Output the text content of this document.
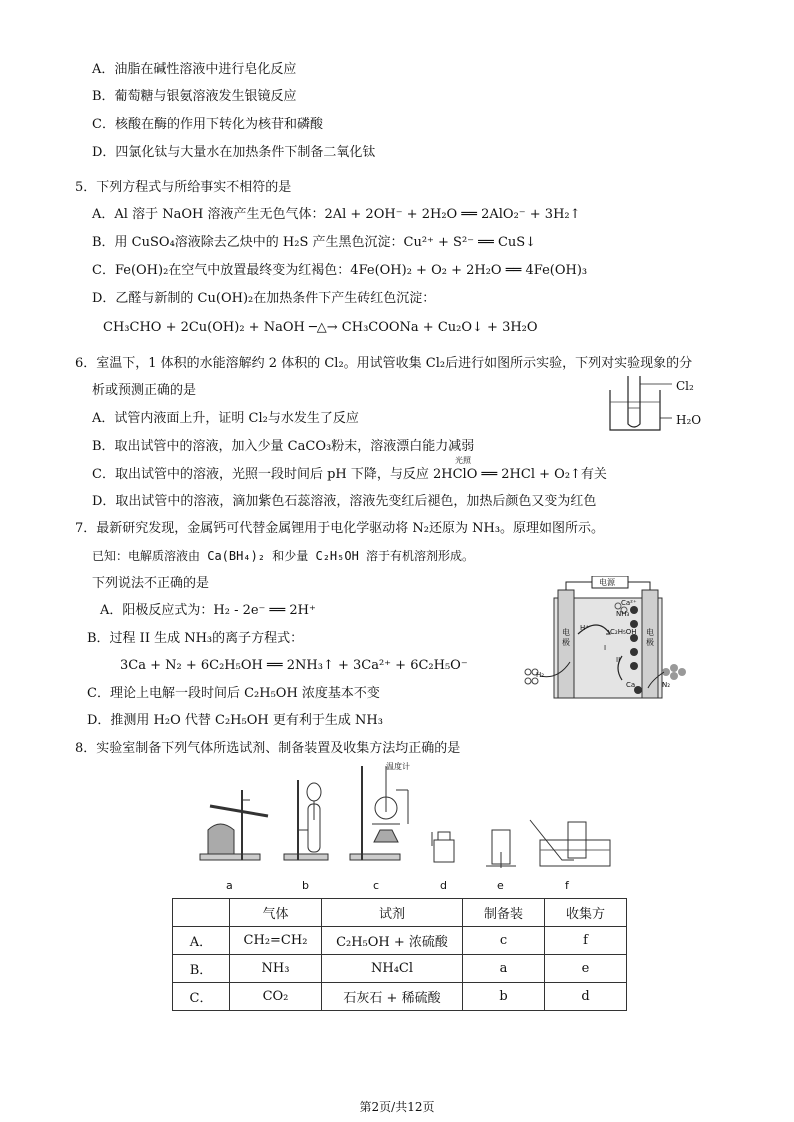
A．油脂在碱性溶液中进行皂化反应
B．葡萄糖与银氨溶液发生银镜反应
C．核酸在酶的作用下转化为核苷和磷酸
D．四氯化钛与大量水在加热条件下制备二氧化钛
5．下列方程式与所给事实不相符的是
A．Al 溶于 NaOH 溶液产生无色气体：2Al + 2OH⁻ + 2H₂O ══ 2AlO₂⁻ + 3H₂↑
B．用 CuSO₄溶液除去乙炔中的 H₂S 产生黑色沉淀：Cu²⁺ + S²⁻ ══ CuS↓
C．Fe(OH)₂在空气中放置最终变为红褐色：4Fe(OH)₂ + O₂ + 2H₂O ══ 4Fe(OH)₃
D．乙醛与新制的 Cu(OH)₂在加热条件下产生砖红色沉淀：
CH₃CHO + 2Cu(OH)₂ + NaOH ─△→ CH₃COONa + Cu₂O↓ + 3H₂O
6．室温下，1 体积的水能溶解约 2 体积的 Cl₂。用试管收集 Cl₂后进行如图所示实验，下列对实验现象的分
析或预测正确的是
A．试管内液面上升，证明 Cl₂与水发生了反应
B．取出试管中的溶液，加入少量 CaCO₃粉末，溶液漂白能力减弱
光照
C．取出试管中的溶液，光照一段时间后 pH 下降，与反应 2HClO ══ 2HCl + O₂↑有关
D．取出试管中的溶液，滴加紫色石蕊溶液，溶液先变红后褪色，加热后颜色又变为红色
Cl₂
H₂O
7．最新研究发现，金属钙可代替金属锂用于电化学驱动将 N₂还原为 NH₃。原理如图所示。
已知：电解质溶液由 Ca(BH₄)₂ 和少量 C₂H₅OH 溶于有机溶剂形成。
下列说法不正确的是
A．阳极反应式为：H₂ - 2e⁻ ══ 2H⁺
B．过程 II 生成 NH₃的离子方程式：
3Ca + N₂ + 6C₂H₅OH ══ 2NH₃↑ + 3Ca²⁺ + 6C₂H₅O⁻
C．理论上电解一段时间后 C₂H₅OH 浓度基本不变
D．推测用 H₂O 代替 C₂H₅OH 更有利于生成 NH₃
电源
电极
电极
H₂
N₂
H⁺	C₂H₅OH
Ca²⁺
Ca
NH₃
I
II
8．实验室制备下列气体所选试剂、制备装置及收集方法均正确的是
温度计
a	b	c	d	e	f
	气体	试剂	制备装	收集方
A．	CH₂=CH₂	C₂H₅OH + 浓硫酸	c	f
B．	NH₃	NH₄Cl	a	e
C．	CO₂	石灰石 + 稀硫酸	b	d
第2页/共12页
